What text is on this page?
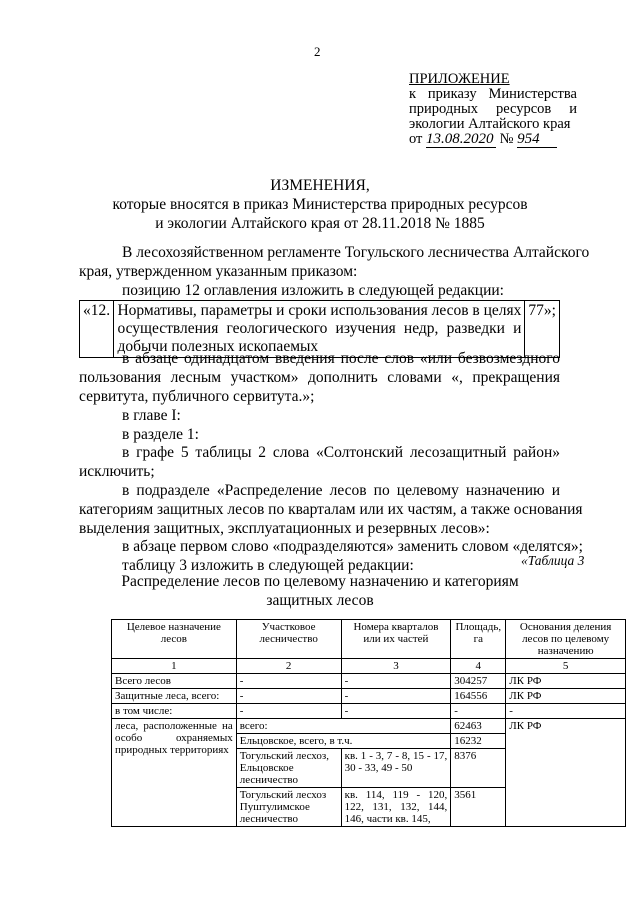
2
ПРИЛОЖЕНИЕ
к приказу Министерства
природных ресурсов и
экологии Алтайского края
от 13.08.2020 № 954
ИЗМЕНЕНИЯ,
которые вносятся в приказ Министерства природных ресурсов
и экологии Алтайского края от 28.11.2018 № 1885
В лесохозяйственном регламенте Тогульского лесничества Алтайского
края, утвержденном указанным приказом:
позицию 12 оглавления изложить в следующей редакции:
«12.	Нормативы, параметры и сроки использования лесов в целях
осуществления геологического изучения недр, разведки и
добычи полезных ископаемых
	77»;
в абзаце одинадцатом введения после слов «или безвозмездного
пользования лесным участком» дополнить словами «, прекращения
сервитута, публичного сервитута.»;
в главе I:
в разделе 1:
в графе 5 таблицы 2 слова «Солтонский лесозащитный район»
исключить;
в подразделе «Распределение лесов по целевому назначению и
категориям защитных лесов по кварталам или их частям, а также основания
выделения защитных, эксплуатационных и резервных лесов»:
в абзаце первом слово «подразделяются» заменить словом «делятся»;
таблицу 3 изложить в следующей редакции:	«Таблица 3
Распределение лесов по целевому назначению и категориям
защитных лесов
Целевое назначение лесов	Участковое лесничество	Номера кварталов или их частей	Площадь, га	Основания деления лесов по целевому назначению
1	2	3	4	5
Всего лесов	-	-	304257	ЛК РФ
Защитные леса, всего:	-	-	164556	ЛК РФ
в том числе:	-	-	-	-
леса, расположенные на особо охраняемых природных территориях	всего:		62463	ЛК РФ
	Ельцовское, всего, в т.ч.		16232	
	Тогульский лесхоз, Ельцовское лесничество	кв. 1 - 3, 7 - 8, 15 - 17, 30 - 33, 49 - 50	8376	
	Тогульский лесхоз Пуштулимское лесничество	кв. 114, 119 - 120, 122, 131, 132, 144, 146, части кв. 145,	3561	
